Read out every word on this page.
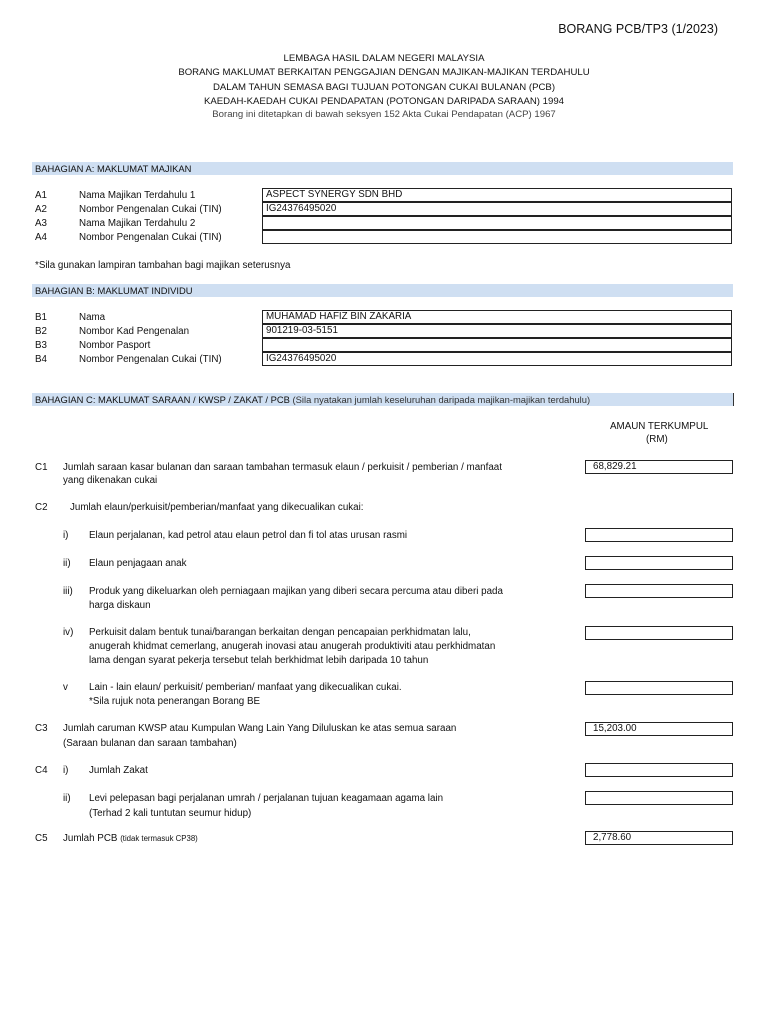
BORANG PCB/TP3 (1/2023)
LEMBAGA HASIL DALAM NEGERI MALAYSIA
BORANG MAKLUMAT BERKAITAN PENGGAJIAN DENGAN MAJIKAN-MAJIKAN TERDAHULU
DALAM TAHUN SEMASA BAGI TUJUAN POTONGAN CUKAI BULANAN (PCB)
KAEDAH-KAEDAH CUKAI PENDAPATAN (POTONGAN DARIPADA SARAAN) 1994
Borang ini ditetapkan di bawah seksyen 152 Akta Cukai Pendapatan (ACP) 1967
BAHAGIAN A: MAKLUMAT MAJIKAN
A1	Nama Majikan Terdahulu 1	ASPECT SYNERGY SDN BHD
A2	Nombor Pengenalan Cukai (TIN)	IG24376495020
A3	Nama Majikan Terdahulu 2
A4	Nombor Pengenalan Cukai (TIN)
*Sila gunakan lampiran tambahan bagi majikan seterusnya
BAHAGIAN B: MAKLUMAT INDIVIDU
B1	Nama	MUHAMAD HAFIZ BIN ZAKARIA
B2	Nombor Kad Pengenalan	901219-03-5151
B3	Nombor Pasport
B4	Nombor Pengenalan Cukai (TIN)	IG24376495020
BAHAGIAN C: MAKLUMAT SARAAN / KWSP / ZAKAT / PCB (Sila nyatakan jumlah keseluruhan daripada majikan-majikan terdahulu)
AMAUN TERKUMPUL
(RM)
C1 Jumlah saraan kasar bulanan dan saraan tambahan termasuk elaun / perkuisit / pemberian / manfaat
yang dikenakan cukai
68,829.21
C2 Jumlah elaun/perkuisit/pemberian/manfaat yang dikecualikan cukai:
i) Elaun perjalanan, kad petrol atau elaun petrol dan fi tol atas urusan rasmi
ii) Elaun penjagaan anak
iii) Produk yang dikeluarkan oleh perniagaan majikan yang diberi secara percuma atau diberi pada
harga diskaun
iv) Perkuisit dalam bentuk tunai/barangan berkaitan dengan pencapaian perkhidmatan lalu,
anugerah khidmat cemerlang, anugerah inovasi atau anugerah produktiviti atau perkhidmatan
lama dengan syarat pekerja tersebut telah berkhidmat lebih daripada 10 tahun
v Lain - lain elaun/ perkuisit/ pemberian/ manfaat yang dikecualikan cukai.
*Sila rujuk nota penerangan Borang BE
C3 Jumlah caruman KWSP atau Kumpulan Wang Lain Yang Diluluskan ke atas semua saraan
(Saraan bulanan dan saraan tambahan)
15,203.00
C4 i) Jumlah Zakat
ii) Levi pelepasan bagi perjalanan umrah / perjalanan tujuan keagamaan agama lain
(Terhad 2 kali tuntutan seumur hidup)
C5 Jumlah PCB (tidak termasuk CP38)	2,778.60
